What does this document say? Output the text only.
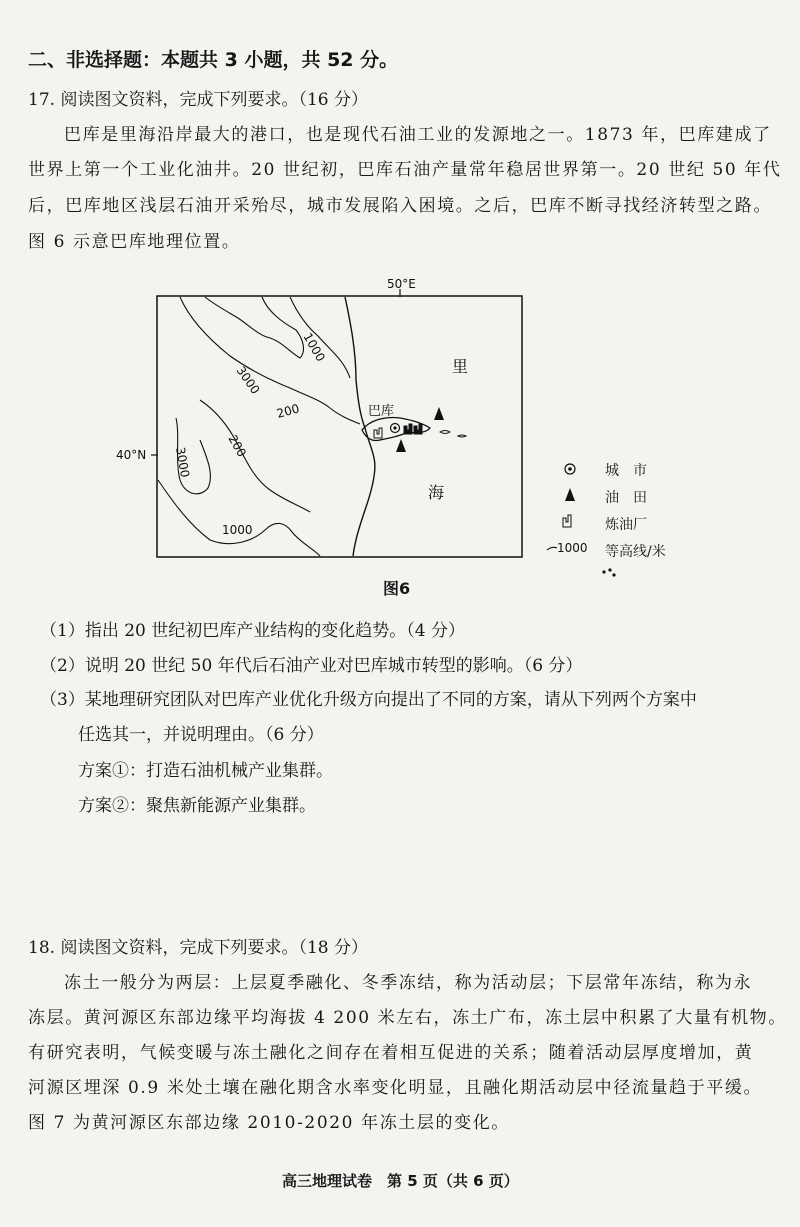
二、非选择题：本题共 3 小题，共 52 分。
17. 阅读图文资料，完成下列要求。（16 分）
巴库是里海沿岸最大的港口，也是现代石油工业的发源地之一。1873 年，巴库建成了
世界上第一个工业化油井。20 世纪初，巴库石油产量常年稳居世界第一。20 世纪 50 年代
后，巴库地区浅层石油开采殆尽，城市发展陷入困境。之后，巴库不断寻找经济转型之路。
图 6 示意巴库地理位置。
50°E
40°N
3000
1000
200
200
3000
1000
里
海
巴库
1000
城　市
油　田
炼油厂
等高线/米
图6
（1）指出 20 世纪初巴库产业结构的变化趋势。（4 分）
（2）说明 20 世纪 50 年代后石油产业对巴库城市转型的影响。（6 分）
（3）某地理研究团队对巴库产业优化升级方向提出了不同的方案，请从下列两个方案中
任选其一，并说明理由。（6 分）
方案①：打造石油机械产业集群。
方案②：聚焦新能源产业集群。
18. 阅读图文资料，完成下列要求。（18 分）
冻土一般分为两层：上层夏季融化、冬季冻结，称为活动层；下层常年冻结，称为永
冻层。黄河源区东部边缘平均海拔 4 200 米左右，冻土广布，冻土层中积累了大量有机物。
有研究表明，气候变暖与冻土融化之间存在着相互促进的关系；随着活动层厚度增加，黄
河源区埋深 0.9 米处土壤在融化期含水率变化明显，且融化期活动层中径流量趋于平缓。
图 7 为黄河源区东部边缘 2010-2020 年冻土层的变化。
高三地理试卷　第 5 页（共 6 页）
